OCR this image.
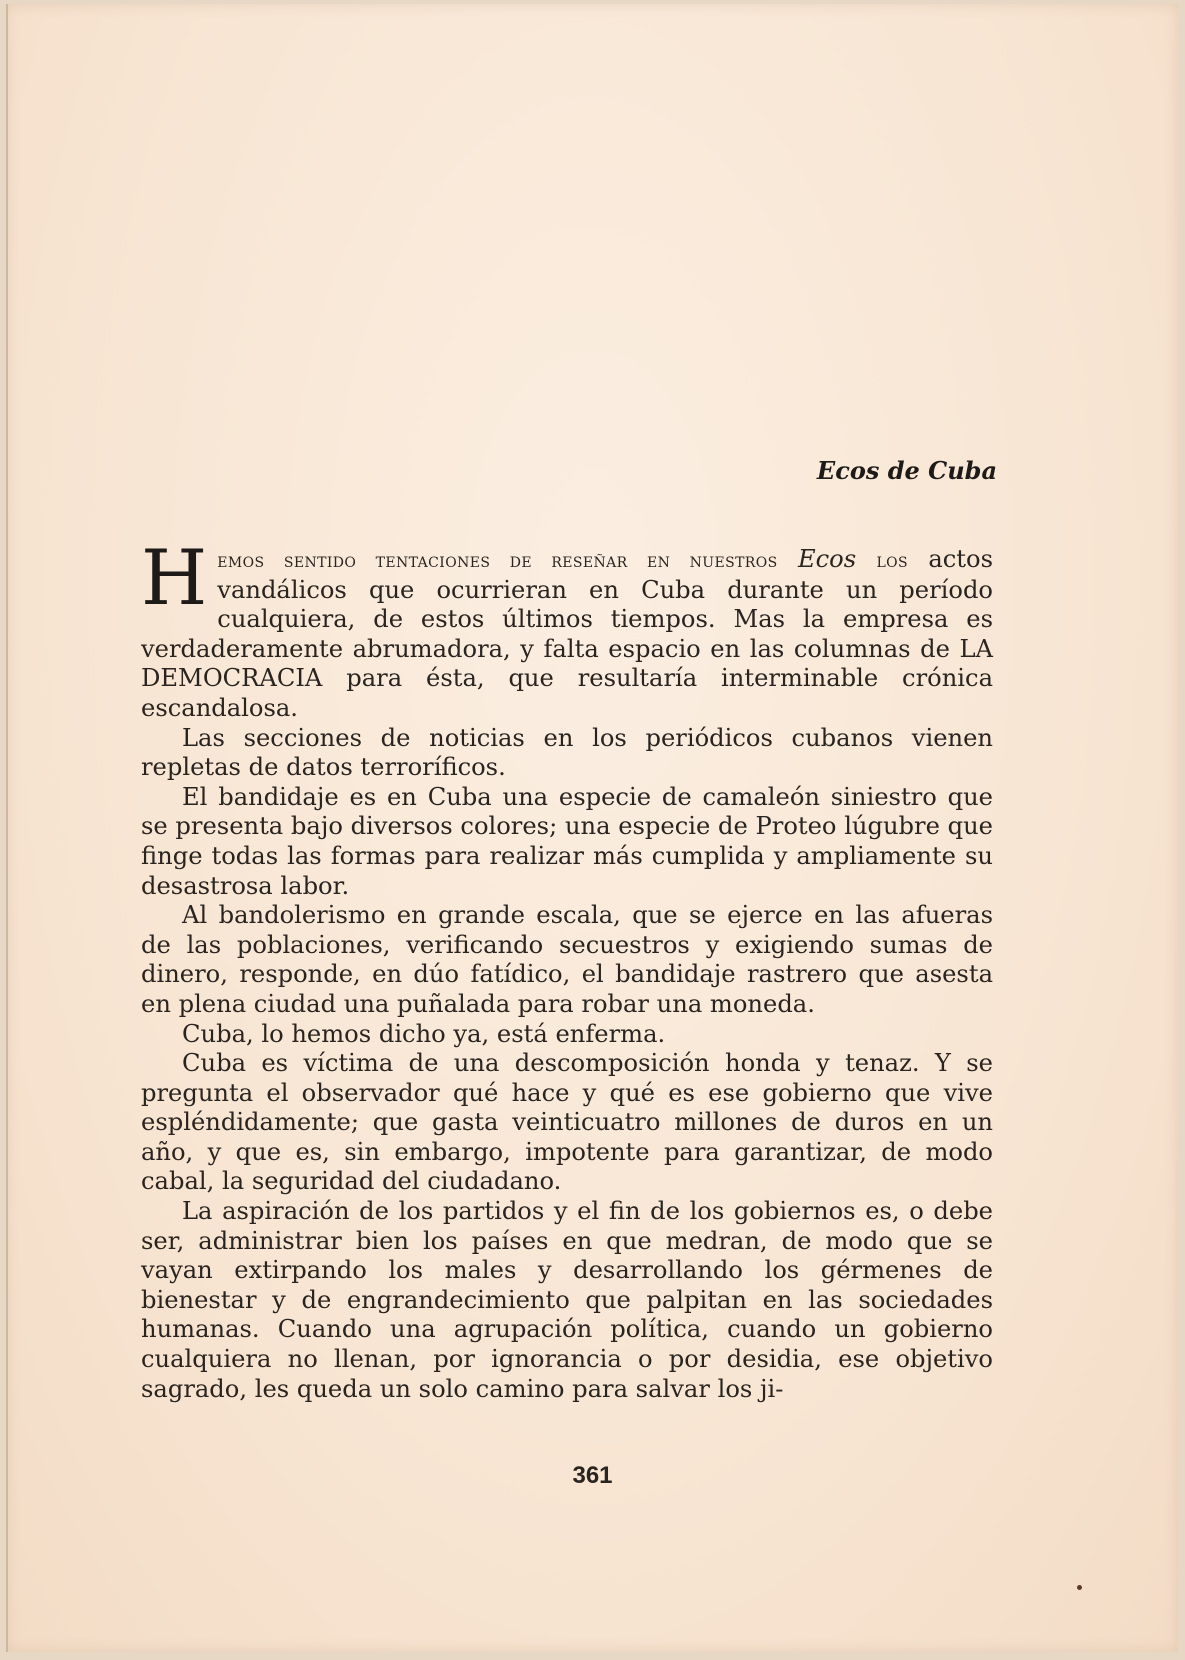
Ecos de Cuba

Hemos sentido tentaciones de reseñar en nuestros Ecos los actos vandálicos que ocurrieran en Cuba durante un período cualquiera, de estos últimos tiempos. Mas la empresa es verdaderamente abrumadora, y falta espacio en las columnas de LA DEMOCRACIA para ésta, que resultaría interminable crónica escandalosa.

Las secciones de noticias en los periódicos cubanos vienen repletas de datos terroríficos.

El bandidaje es en Cuba una especie de camaleón siniestro que se presenta bajo diversos colores; una especie de Proteo lúgubre que finge todas las formas para realizar más cumplida y ampliamente su desastrosa labor.

Al bandolerismo en grande escala, que se ejerce en las afueras de las poblaciones, verificando secuestros y exigiendo sumas de dinero, responde, en dúo fatídico, el bandidaje rastrero que asesta en plena ciudad una puñalada para robar una moneda.

Cuba, lo hemos dicho ya, está enferma.

Cuba es víctima de una descomposición honda y tenaz. Y se pregunta el observador qué hace y qué es ese gobierno que vive espléndidamente; que gasta veinticuatro millones de duros en un año, y que es, sin embargo, impotente para garantizar, de modo cabal, la seguridad del ciudadano.

La aspiración de los partidos y el fin de los gobiernos es, o debe ser, administrar bien los países en que medran, de modo que se vayan extirpando los males y desarrollando los gérmenes de bienestar y de engrandecimiento que palpitan en las sociedades humanas. Cuando una agrupación política, cuando un gobierno cualquiera no llenan, por ignorancia o por desidia, ese objetivo sagrado, les queda un solo camino para salvar los ji-

361
